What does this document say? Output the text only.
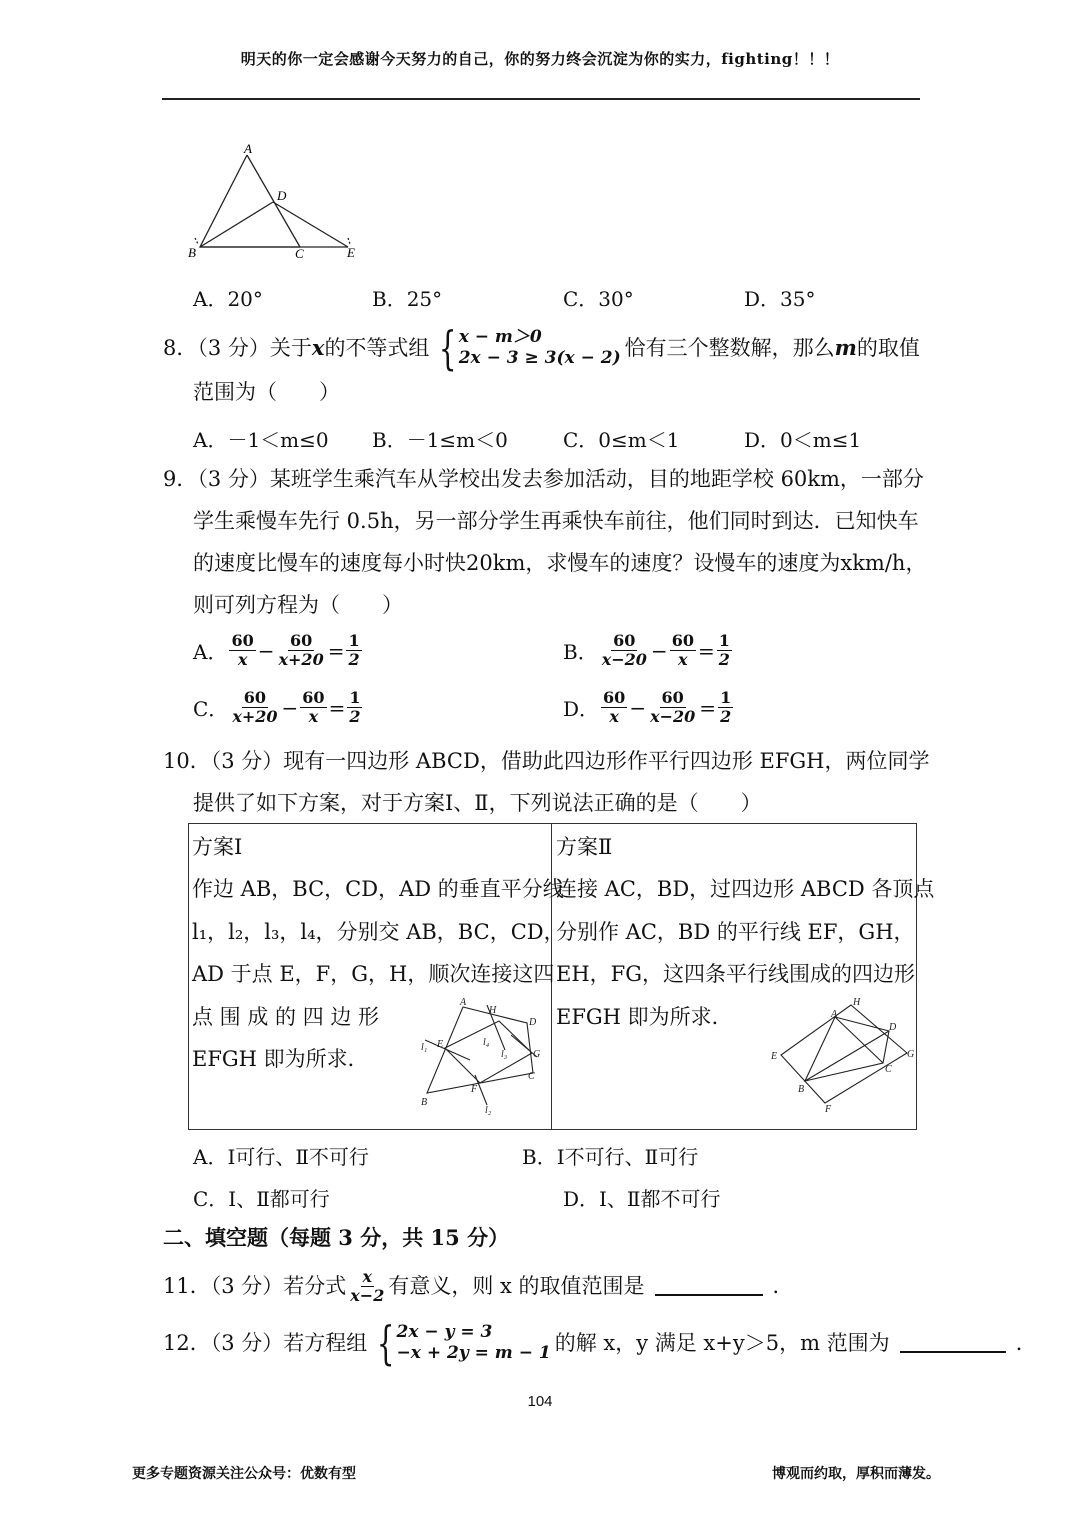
明天的你一定会感谢今天努力的自己，你的努力终会沉淀为你的实力，fighting！！！
A
D
B	C	E
A．20°	B．25°	C．30°	D．35°
8．（3 分）关于 x 的不等式组 { x − m＞0
2x − 3 ≥ 3(x − 2) 恰有三个整数解，那么 m 的取值
范围为（　　）
A．－1＜m≤0 B．－1≤m＜0	C．0≤m＜1	D．0＜m≤1
9．（3 分）某班学生乘汽车从学校出发去参加活动，目的地距学校 60km，一部分
学生乘慢车先行 0.5h，另一部分学生再乘快车前往，他们同时到达．已知快车
的速度比慢车的速度每小时快20km，求慢车的速度？设慢车的速度为xkm/h，
则可列方程为（　　）
A． $\frac{60}{x} - \frac{60}{x+20} = \frac{1}{2}$	B． $\frac{60}{x-20} - \frac{60}{x} = \frac{1}{2}$
C． $\frac{60}{x+20} - \frac{60}{x} = \frac{1}{2}$	D． $\frac{60}{x} - \frac{60}{x-20} = \frac{1}{2}$
10．（3 分）现有一四边形 ABCD，借助此四边形作平行四边形 EFGH，两位同学
提供了如下方案，对于方案Ⅰ、Ⅱ，下列说法正确的是（　　）
方案Ⅰ
作边 AB，BC，CD，AD 的垂直平分线
l₁，l₂，l₃，l₄，分别交 AB，BC，CD，
AD 于点 E，F，G，H，顺次连接这四
点 围 成 的 四 边 形
EFGH 即为所求．
方案Ⅱ
连接 AC，BD，过四边形 ABCD 各顶点
分别作 AC，BD 的平行线 EF，GH，
EH，FG，这四条平行线围成的四边形
EFGH 即为所求．
A
H
D
l₁ E	l₄
l₃	G
C
F
B
l₂
H
A
D
G
E
C
B
F
A．Ⅰ可行、Ⅱ不可行	B．Ⅰ不可行、Ⅱ可行
C．Ⅰ、Ⅱ都可行	D．Ⅰ、Ⅱ都不可行
二、填空题（每题 3 分，共 15 分）
11．（3 分）若分式 $\frac{x}{x-2}$ 有意义，则 x 的取值范围是	．
12．（3 分）若方程组 { 2x − y = 3
−x + 2y = m − 1 的解 x，y 满足 x+y＞5，m 范围为	．
104
更多专题资源关注公众号：优数有型	博观而约取，厚积而薄发。
